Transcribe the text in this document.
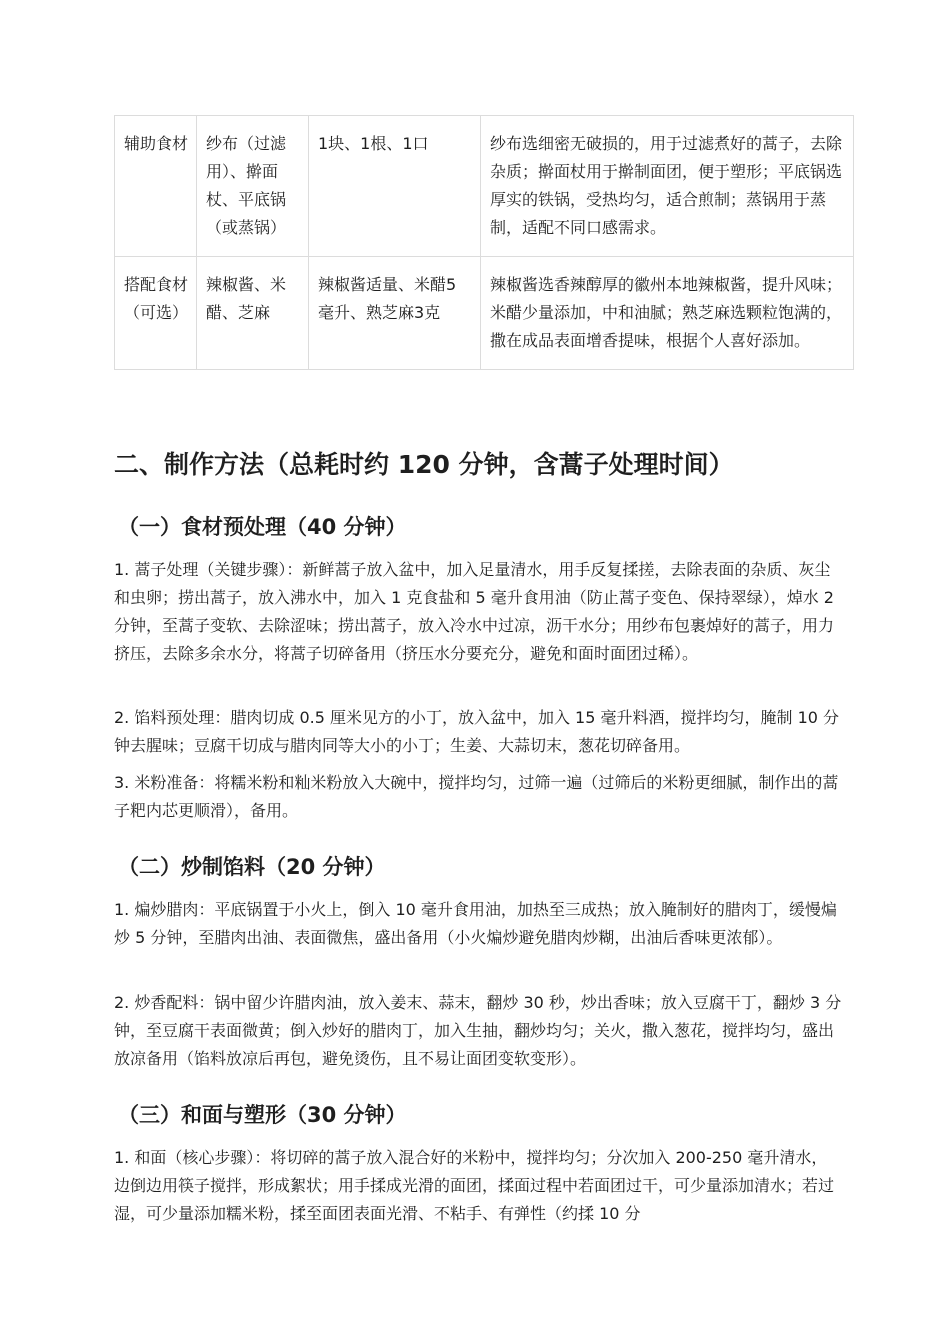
辅助食材	纱布（过滤用）、擀面杖、平底锅（或蒸锅）	1块、1根、1口	纱布选细密无破损的，用于过滤煮好的蒿子，去除杂质；擀面杖用于擀制面团，便于塑形；平底锅选厚实的铁锅，受热均匀，适合煎制；蒸锅用于蒸制，适配不同口感需求。
搭配食材（可选）	辣椒酱、米醋、芝麻	辣椒酱适量、米醋5毫升、熟芝麻3克	辣椒酱选香辣醇厚的徽州本地辣椒酱，提升风味；米醋少量添加，中和油腻；熟芝麻选颗粒饱满的，撒在成品表面增香提味，根据个人喜好添加。
二、制作方法（总耗时约 120 分钟，含蒿子处理时间）
（一）食材预处理（40 分钟）

1. 蒿子处理（关键步骤）：新鲜蒿子放入盆中，加入足量清水，用手反复揉搓，去除表面的杂质、灰尘和虫卵；捞出蒿子，放入沸水中，加入 1 克食盐和 5 毫升食用油（防止蒿子变色、保持翠绿），焯水 2 分钟，至蒿子变软、去除涩味；捞出蒿子，放入冷水中过凉，沥干水分；用纱布包裹焯好的蒿子，用力挤压，去除多余水分，将蒿子切碎备用（挤压水分要充分，避免和面时面团过稀）。

2. 馅料预处理：腊肉切成 0.5 厘米见方的小丁，放入盆中，加入 15 毫升料酒，搅拌均匀，腌制 10 分钟去腥味；豆腐干切成与腊肉同等大小的小丁；生姜、大蒜切末，葱花切碎备用。

3. 米粉准备：将糯米粉和籼米粉放入大碗中，搅拌均匀，过筛一遍（过筛后的米粉更细腻，制作出的蒿子粑内芯更顺滑），备用。

（二）炒制馅料（20 分钟）

1. 煸炒腊肉：平底锅置于小火上，倒入 10 毫升食用油，加热至三成热；放入腌制好的腊肉丁，缓慢煸炒 5 分钟，至腊肉出油、表面微焦，盛出备用（小火煸炒避免腊肉炒糊，出油后香味更浓郁）。

2. 炒香配料：锅中留少许腊肉油，放入姜末、蒜末，翻炒 30 秒，炒出香味；放入豆腐干丁，翻炒 3 分钟，至豆腐干表面微黄；倒入炒好的腊肉丁，加入生抽，翻炒均匀；关火，撒入葱花，搅拌均匀，盛出放凉备用（馅料放凉后再包，避免烫伤，且不易让面团变软变形）。

（三）和面与塑形（30 分钟）

1. 和面（核心步骤）：将切碎的蒿子放入混合好的米粉中，搅拌均匀；分次加入 200-250 毫升清水，边倒边用筷子搅拌，形成絮状；用手揉成光滑的面团，揉面过程中若面团过干，可少量添加清水；若过湿，可少量添加糯米粉，揉至面团表面光滑、不粘手、有弹性（约揉 10 分
